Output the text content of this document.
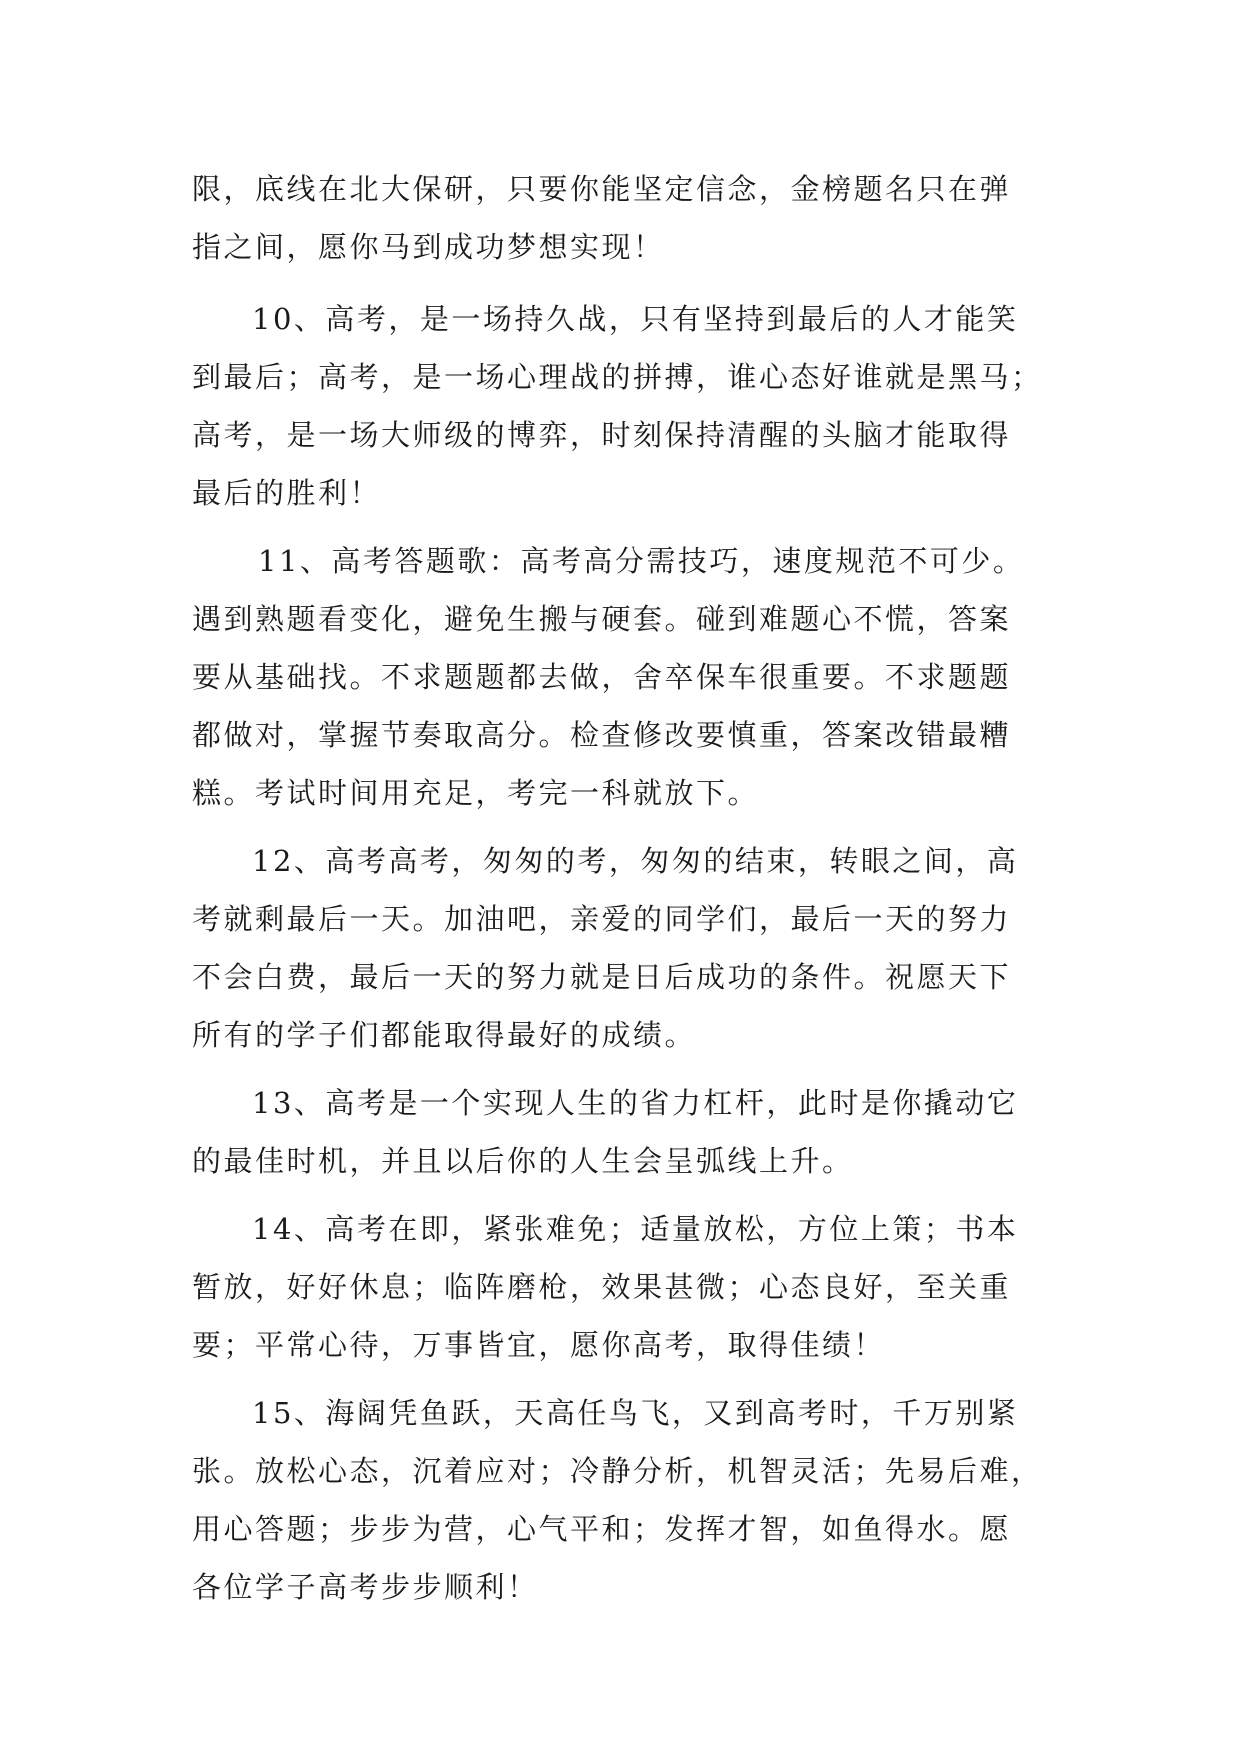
限，底线在北大保研，只要你能坚定信念，金榜题名只在弹
指之间，愿你马到成功梦想实现！
10、高考，是一场持久战，只有坚持到最后的人才能笑
到最后；高考，是一场心理战的拼搏，谁心态好谁就是黑马；
高考，是一场大师级的博弈，时刻保持清醒的头脑才能取得
最后的胜利！
11、高考答题歌：高考高分需技巧，速度规范不可少。
遇到熟题看变化，避免生搬与硬套。碰到难题心不慌，答案
要从基础找。不求题题都去做，舍卒保车很重要。不求题题
都做对，掌握节奏取高分。检查修改要慎重，答案改错最糟
糕。考试时间用充足，考完一科就放下。
12、高考高考，匆匆的考，匆匆的结束，转眼之间，高
考就剩最后一天。加油吧，亲爱的同学们，最后一天的努力
不会白费，最后一天的努力就是日后成功的条件。祝愿天下
所有的学子们都能取得最好的成绩。
13、高考是一个实现人生的省力杠杆，此时是你撬动它
的最佳时机，并且以后你的人生会呈弧线上升。
14、高考在即，紧张难免；适量放松，方位上策；书本
暂放，好好休息；临阵磨枪，效果甚微；心态良好，至关重
要；平常心待，万事皆宜，愿你高考，取得佳绩！
15、海阔凭鱼跃，天高任鸟飞，又到高考时，千万别紧
张。放松心态，沉着应对；冷静分析，机智灵活；先易后难，
用心答题；步步为营，心气平和；发挥才智，如鱼得水。愿
各位学子高考步步顺利！
